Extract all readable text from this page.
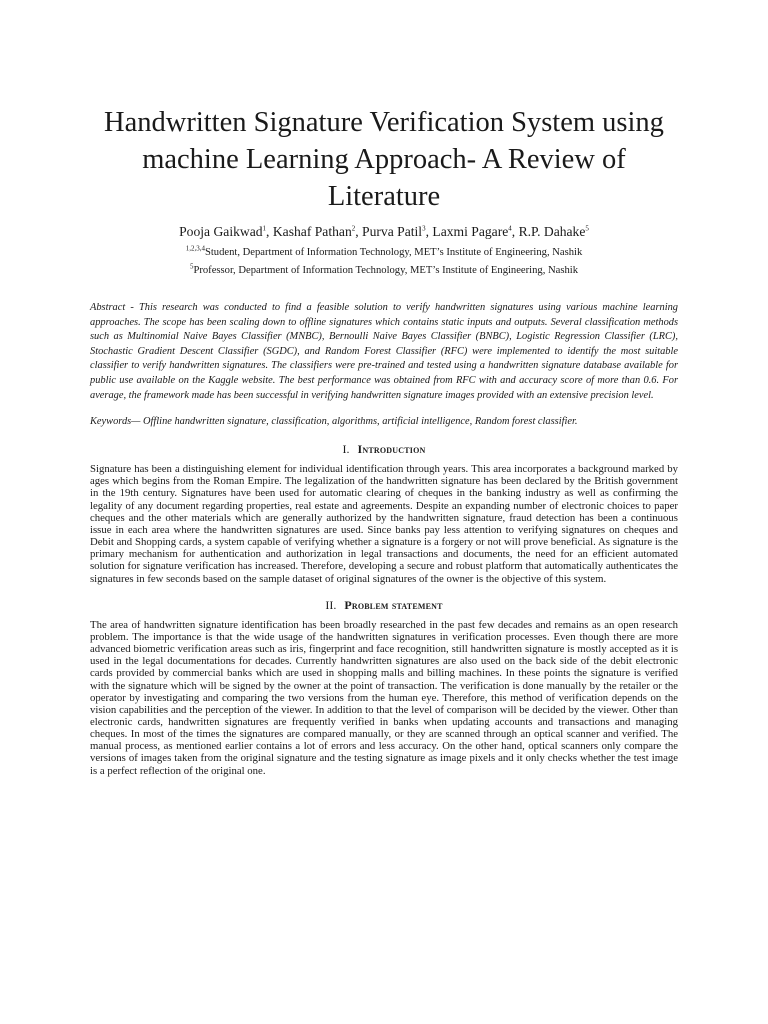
Handwritten Signature Verification System using machine Learning Approach- A Review of Literature
Pooja Gaikwad$^1$, Kashaf Pathan$^2$, Purva Patil$^3$, Laxmi Pagare$^4$, R.P. Dahake$^5$
$^{1,2,3,4}$Student, Department of Information Technology, MET’s Institute of Engineering, Nashik
$^5$Professor, Department of Information Technology, MET’s Institute of Engineering, Nashik

Abstract - This research was conducted to find a feasible solution to verify handwritten signatures using various machine learning approaches. The scope has been scaling down to offline signatures which contains static inputs and outputs. Several classification methods such as Multinomial Naive Bayes Classifier (MNBC), Bernoulli Naive Bayes Classifier (BNBC), Logistic Regression Classifier (LRC), Stochastic Gradient Descent Classifier (SGDC), and Random Forest Classifier (RFC) were implemented to identify the most suitable classifier to verify handwritten signatures. The classifiers were pre-trained and tested using a handwritten signature database available for public use available on the Kaggle website. The best performance was obtained from RFC with and accuracy score of more than 0.6. For average, the framework made has been successful in verifying handwritten signature images provided with an extensive precision level.

Keywords— Offline handwritten signature, classification, algorithms, artificial intelligence, Random forest classifier.

I. Introduction

Signature has been a distinguishing element for individual identification through years. This area incorporates a background marked by ages which begins from the Roman Empire. The legalization of the handwritten signature has been declared by the British government in the 19th century. Signatures have been used for automatic clearing of cheques in the banking industry as well as confirming the legality of any document regarding properties, real estate and agreements. Despite an expanding number of electronic choices to paper cheques and the other materials which are generally authorized by the handwritten signature, fraud detection has been a continuous issue in each area where the handwritten signatures are used. Since banks pay less attention to verifying signatures on cheques and Debit and Shopping cards, a system capable of verifying whether a signature is a forgery or not will prove beneficial. As signature is the primary mechanism for authentication and authorization in legal transactions and documents, the need for an efficient automated solution for signature verification has increased. Therefore, developing a secure and robust platform that automatically authenticates the signatures in few seconds based on the sample dataset of original signatures of the owner is the objective of this system.

II. Problem statement

The area of handwritten signature identification has been broadly researched in the past few decades and remains as an open research problem. The importance is that the wide usage of the handwritten signatures in verification processes. Even though there are more advanced biometric verification areas such as iris, fingerprint and face recognition, still handwritten signature is mostly accepted as it is used in the legal documentations for decades. Currently handwritten signatures are also used on the back side of the debit electronic cards provided by commercial banks which are used in shopping malls and billing machines. In these points the signature is verified with the signature which will be signed by the owner at the point of transaction. The verification is done manually by the retailer or the operator by investigating and comparing the two versions from the human eye. Therefore, this method of verification depends on the vision capabilities and the perception of the viewer. In addition to that the level of comparison will be decided by the viewer. Other than electronic cards, handwritten signatures are frequently verified in banks when updating accounts and transactions and managing cheques. In most of the times the signatures are compared manually, or they are scanned through an optical scanner and verified. The manual process, as mentioned earlier contains a lot of errors and less accuracy. On the other hand, optical scanners only compare the versions of images taken from the original signature and the testing signature as image pixels and it only checks whether the test image is a perfect reflection of the original one.
